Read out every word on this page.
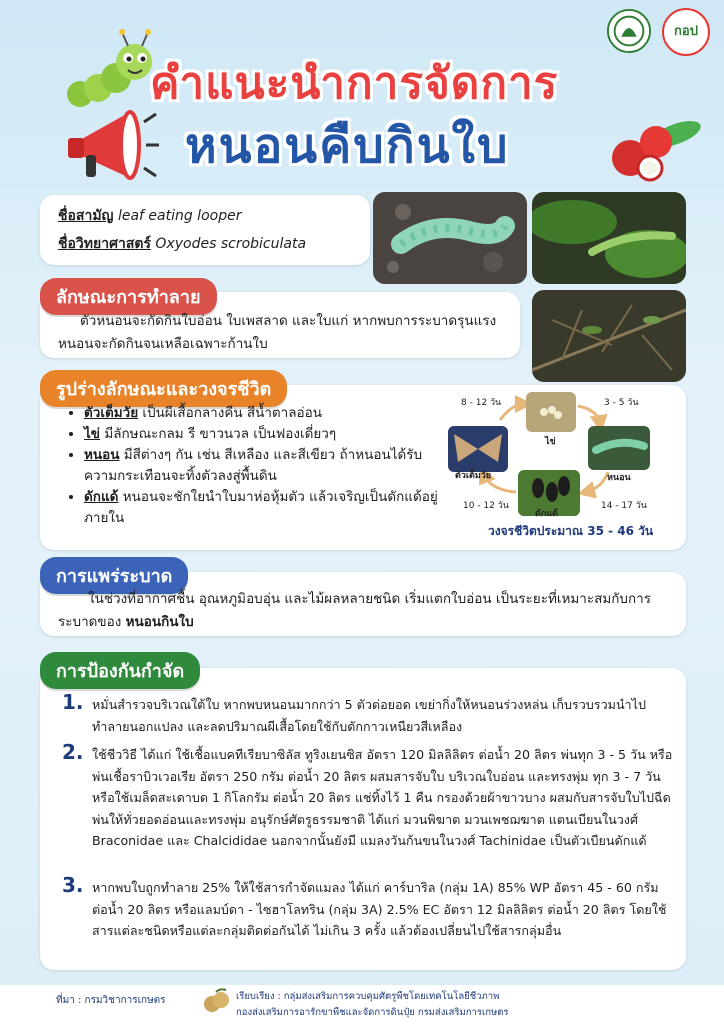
คำแนะนำการจัดการ
หนอนคืบกินใบ
กอป
ชื่อสามัญ leaf eating looper
ชื่อวิทยาศาสตร์ Oxyodes scrobiculata
ลักษณะการทำลาย
ตัวหนอนจะกัดกินใบอ่อน ใบเพสลาด และใบแก่ หากพบการระบาดรุนแรง หนอนจะกัดกินจนเหลือเฉพาะก้านใบ
รูปร่างลักษณะและวงจรชีวิต
• ตัวเต็มวัย เป็นผีเสื้อกลางคืน สีน้ำตาลอ่อน
• ไข่ มีลักษณะกลม รี ขาวนวล เป็นฟองเดี่ยวๆ
• หนอน มีสีต่างๆ กัน เช่น สีเหลือง และสีเขียว ถ้าหนอนได้รับความกระเทือนจะทิ้งตัวลงสู่พื้นดิน
• ดักแด้ หนอนจะชักใยนำใบมาห่อหุ้มตัว แล้วเจริญเป็นดักแด้อยู่ภายใน
8 - 12 วัน	3 - 5 วัน
14 - 17 วัน
10 - 12 วัน
ไข่
หนอน
ดักแด้
ตัวเต็มวัย
วงจรชีวิตประมาณ 35 - 46 วัน
การแพร่ระบาด
ในช่วงที่อากาศชื้น อุณหภูมิอบอุ่น และไม้ผลหลายชนิด เริ่มแตกใบอ่อน เป็นระยะที่เหมาะสมกับการระบาดของ หนอนกินใบ
การป้องกันกำจัด
1. หมั่นสำรวจบริเวณใต้ใบ หากพบหนอนมากกว่า 5 ตัวต่อยอด เขย่ากิ่งให้หนอนร่วงหล่น เก็บรวบรวมนำไปทำลายนอกแปลง และลดปริมาณผีเสื้อโดยใช้กับดักกาวเหนียวสีเหลือง
2. ใช้ชีววิธี ได้แก่ ใช้เชื้อแบคทีเรียบาซิลัส ทูริงเยนซิส อัตรา 120 มิลลิลิตร ต่อน้ำ 20 ลิตร พ่นทุก 3 - 5 วัน หรือพ่นเชื้อราบิวเวอเรีย อัตรา 250 กรัม ต่อน้ำ 20 ลิตร ผสมสารจับใบ บริเวณใบอ่อน และทรงพุ่ม ทุก 3 - 7 วัน หรือใช้เมล็ดสะเดาบด 1 กิโลกรัม ต่อน้ำ 20 ลิตร แช่ทิ้งไว้ 1 คืน กรองด้วยผ้าขาวบาง ผสมกับสารจับใบไปฉีดพ่นให้ทั่วยอดอ่อนและทรงพุ่ม อนุรักษ์ศัตรูธรรมชาติ ได้แก่ มวนพิฆาต มวนเพชฌฆาต แตนเบียนในวงศ์ Braconidae และ Chalcididae นอกจากนั้นยังมี แมลงวันก้นขนในวงศ์ Tachinidae เป็นตัวเบียนดักแด้
3. หากพบใบถูกทำลาย 25% ให้ใช้สารกำจัดแมลง ได้แก่ คาร์บาริล (กลุ่ม 1A) 85% WP อัตรา 45 - 60 กรัม ต่อน้ำ 20 ลิตร หรือแลมบ์ดา - ไซฮาโลทริน (กลุ่ม 3A) 2.5% EC อัตรา 12 มิลลิลิตร ต่อน้ำ 20 ลิตร โดยใช้สารแต่ละชนิดหรือแต่ละกลุ่มติดต่อกันได้ ไม่เกิน 3 ครั้ง แล้วต้องเปลี่ยนไปใช้สารกลุ่มอื่น
ที่มา : กรมวิชาการเกษตร	เรียบเรียง : กลุ่มส่งเสริมการควบคุมศัตรูพืชโดยเทคโนโลยีชีวภาพ
กองส่งเสริมการอารักขาพืชและจัดการดินปุ๋ย กรมส่งเสริมการเกษตร
